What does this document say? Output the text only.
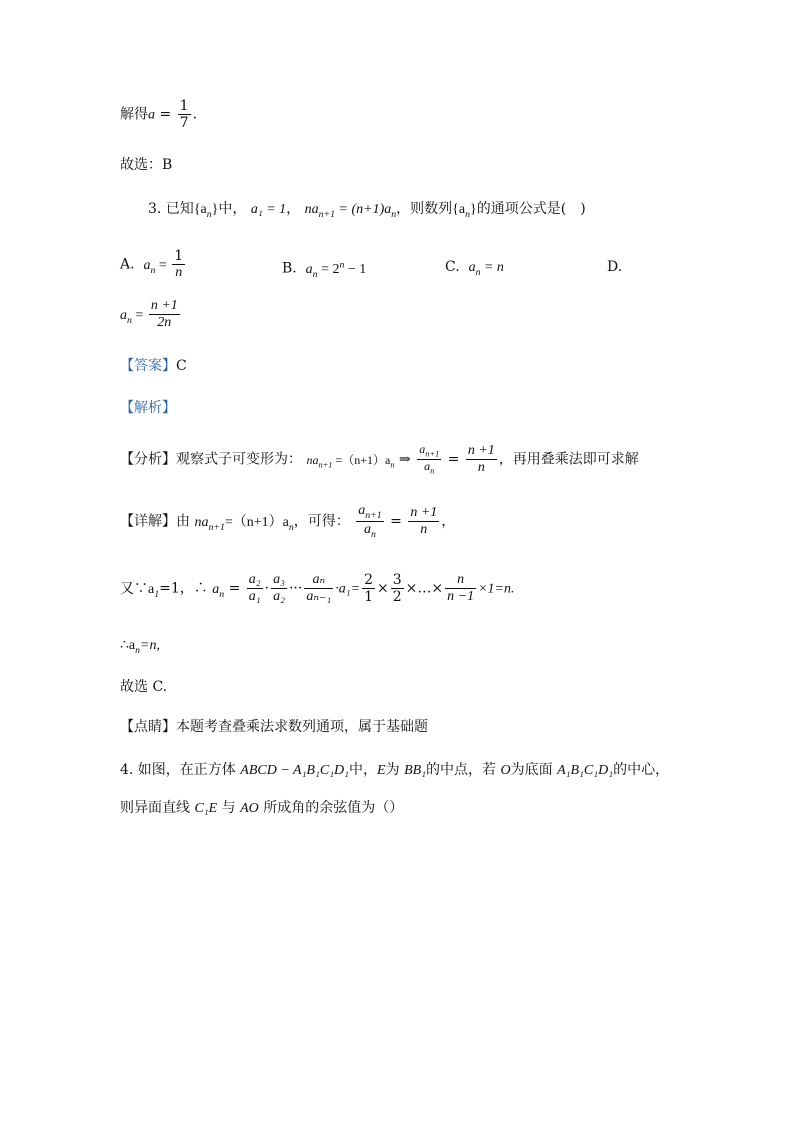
解得$a = \frac{1}{7}$ .
故选：B
3. 已知$\{a_n\}$中， a₁ = 1， $na_{n+1} = (n+1)a_n$，则数列$\{a_n\}$的通项公式是(　)
A. $a_n = \frac{1}{n}$	B. $a_n = 2^n - 1$	C. $a_n = n$	D.
$a_n = \frac{n +1}{2n}$
【答案】C
【解析】
【分析】观察式子可变形为： $na_{n+1} =(n+1)a_n$ ⇒ $\frac{a_{n+1}}{a_n} = \frac{n +1}{n}$ ，再用叠乘法即可求解
【详解】由 $na_{n+1}=(n+1)a_n$，可得： $\frac{a_{n+1}}{a_n} = \frac{n +1}{n}$ ，
又$\because a_1=1$，∴ $a_n = \frac{\text{a₂}}{\text{a₁}} \cdot \frac{\text{a₃}}{\text{a₂}}$ ··· $\frac{\text{aₙ}}{\text{aₙ₋₁}} \cdot a_1= \frac{2}{1} \times \frac{3}{2}$ ×…× $\frac{n}{n -1} \times 1=n$.
$\therefore a_n=n$,
故选 C.
【点睛】本题考查叠乘法求数列通项，属于基础题
4. 如图，在正方体 ABCD − A₁B₁C₁D₁中，E为 BB₁的中点，若 O为底面 A₁B₁C₁D₁的中心，
则异面直线 C₁E 与 AO 所成角的余弦值为（）
